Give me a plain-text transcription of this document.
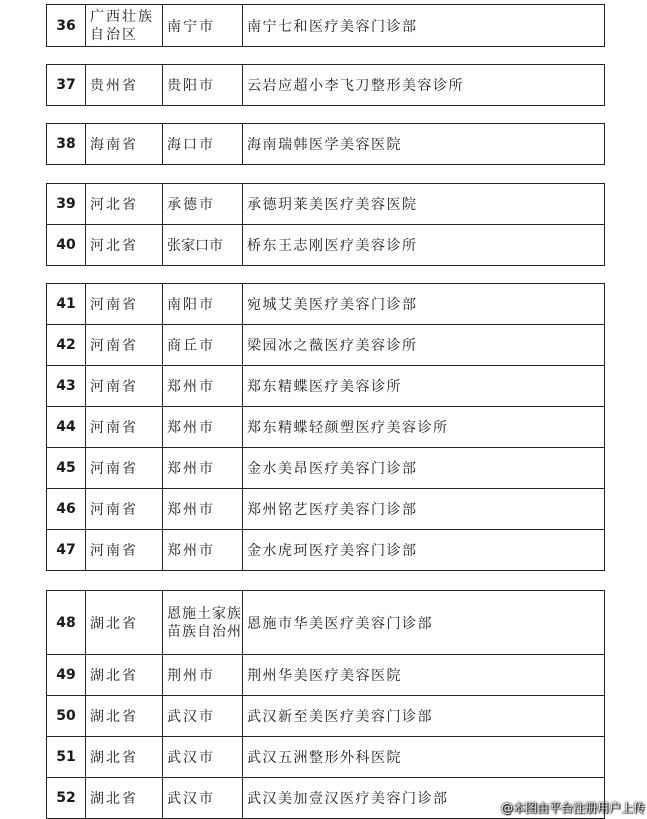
36	广西壮族自治区	南宁市	南宁七和医疗美容门诊部
37	贵州省	贵阳市	云岩应超小李飞刀整形美容诊所
38	海南省	海口市	海南瑞韩医学美容医院
39	河北省	承德市	承德玥莱美医疗美容医院
40	河北省	张家口市	桥东王志刚医疗美容诊所
41	河南省	南阳市	宛城艾美医疗美容门诊部
42	河南省	商丘市	梁园冰之薇医疗美容诊所
43	河南省	郑州市	郑东精蝶医疗美容诊所
44	河南省	郑州市	郑东精蝶轻颜塑医疗美容诊所
45	河南省	郑州市	金水美昂医疗美容门诊部
46	河南省	郑州市	郑州铭艺医疗美容门诊部
47	河南省	郑州市	金水虎珂医疗美容门诊部
48	湖北省	恩施土家族苗族自治州	恩施市华美医疗美容门诊部
49	湖北省	荆州市	荆州华美医疗美容医院
50	湖北省	武汉市	武汉新至美医疗美容门诊部
51	湖北省	武汉市	武汉五洲整形外科医院
52	湖北省	武汉市	武汉美加壹汉医疗美容门诊部
@本图由平台注册用户上传
